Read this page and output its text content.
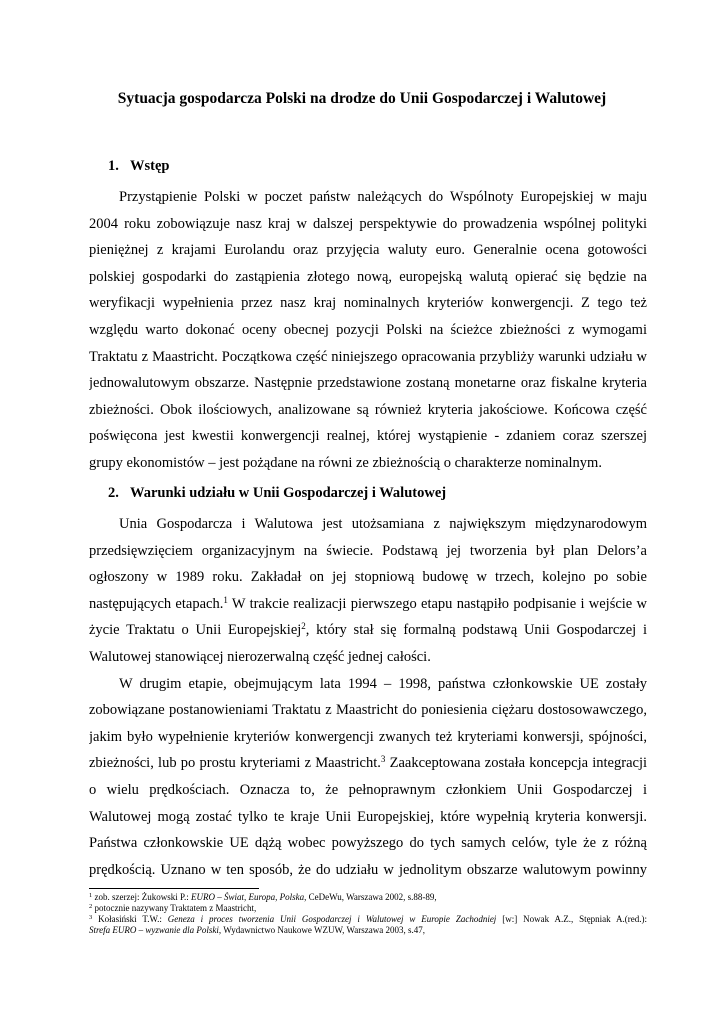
Sytuacja gospodarcza Polski na drodze do Unii Gospodarczej i Walutowej
1. Wstęp
Przystąpienie Polski w poczet państw należących do Wspólnoty Europejskiej w maju
2004 roku zobowiązuje nasz kraj w dalszej perspektywie do prowadzenia wspólnej polityki
pieniężnej z krajami Eurolandu oraz przyjęcia waluty euro. Generalnie ocena gotowości
polskiej gospodarki do zastąpienia złotego nową, europejską walutą opierać się będzie na
weryfikacji wypełnienia przez nasz kraj nominalnych kryteriów konwergencji. Z tego też
względu warto dokonać oceny obecnej pozycji Polski na ścieżce zbieżności z wymogami
Traktatu z Maastricht. Początkowa część niniejszego opracowania przybliży warunki udziału w
jednowalutowym obszarze. Następnie przedstawione zostaną monetarne oraz fiskalne kryteria
zbieżności. Obok ilościowych, analizowane są również kryteria jakościowe. Końcowa część
poświęcona jest kwestii konwergencji realnej, której wystąpienie - zdaniem coraz szerszej
grupy ekonomistów – jest pożądane na równi ze zbieżnością o charakterze nominalnym.
2. Warunki udziału w Unii Gospodarczej i Walutowej
Unia Gospodarcza i Walutowa jest utożsamiana z największym międzynarodowym
przedsięwzięciem organizacyjnym na świecie. Podstawą jej tworzenia był plan Delors’a
ogłoszony w 1989 roku. Zakładał on jej stopniową budowę w trzech, kolejno po sobie
następujących etapach.$^1$ W trakcie realizacji pierwszego etapu nastąpiło podpisanie i wejście w
życie Traktatu o Unii Europejskiej$^2$, który stał się formalną podstawą Unii Gospodarczej i
Walutowej stanowiącej nierozerwalną część jednej całości.
W drugim etapie, obejmującym lata 1994 – 1998, państwa członkowskie UE zostały
zobowiązane postanowieniami Traktatu z Maastricht do poniesienia ciężaru dostosowawczego,
jakim było wypełnienie kryteriów konwergencji zwanych też kryteriami konwersji, spójności,
zbieżności, lub po prostu kryteriami z Maastricht.$^3$ Zaakceptowana została koncepcja integracji
o wielu prędkościach. Oznacza to, że pełnoprawnym członkiem Unii Gospodarczej i
Walutowej mogą zostać tylko te kraje Unii Europejskiej, które wypełnią kryteria konwersji.
Państwa członkowskie UE dążą wobec powyższego do tych samych celów, tyle że z różną
prędkością. Uznano w ten sposób, że do udziału w jednolitym obszarze walutowym powinny
$^1$ zob. szerzej: Żukowski P.: EURO – Świat, Europa, Polska, CeDeWu, Warszawa 2002, s.88-89,
$^2$ potocznie nazywany Traktatem z Maastricht,
$^3$ Kołasiński T.W.: Geneza i proces tworzenia Unii Gospodarczej i Walutowej w Europie Zachodniej [w:] Nowak A.Z., Stępniak A.(red.):
Strefa EURO – wyzwanie dla Polski, Wydawnictwo Naukowe WZUW, Warszawa 2003, s.47,
